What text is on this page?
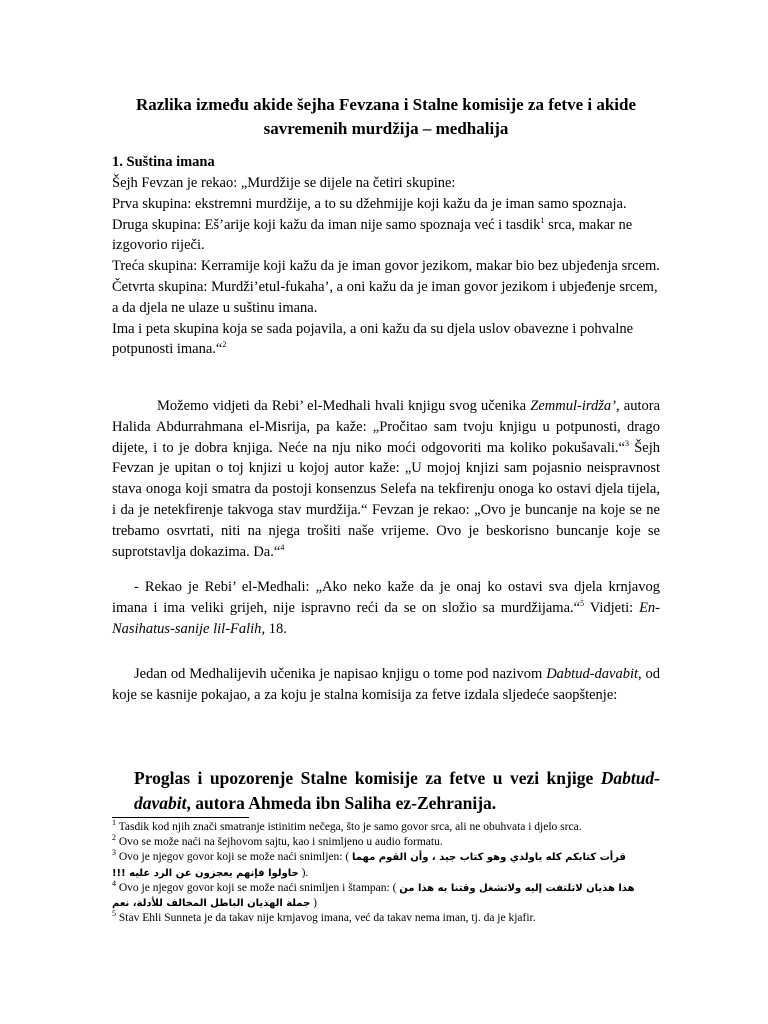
Razlika između akide šejha Fevzana i Stalne komisije za fetve i akide savremenih murdžija – medhalija
1. Suština imana

Šejh Fevzan je rekao: „Murdžije se dijele na četiri skupine:

Prva skupina: ekstremni murdžije, a to su džehmijje koji kažu da je iman samo spoznaja.

Druga skupina: Eš’arije koji kažu da iman nije samo spoznaja već i tasdik$^1$ srca, makar ne izgovorio riječi.

Treća skupina: Kerramije koji kažu da je iman govor jezikom, makar bio bez ubjeđenja srcem.

Četvrta skupina: Murdži’etul-fukaha’, a oni kažu da je iman govor jezikom i ubjeđenje srcem, a da djela ne ulaze u suštinu imana.

Ima i peta skupina koja se sada pojavila, a oni kažu da su djela uslov obavezne i pohvalne potpunosti imana.“$^2$

Možemo vidjeti da Rebi’ el-Medhali hvali knjigu svog učenika Zemmul-irdža’, autora Halida Abdurrahmana el-Misrija, pa kaže: „Pročitao sam tvoju knjigu u potpunosti, drago dijete, i to je dobra knjiga. Neće na nju niko moći odgovoriti ma koliko pokušavali.“$^3$ Šejh Fevzan je upitan o toj knjizi u kojoj autor kaže: „U mojoj knjizi sam pojasnio neispravnost stava onoga koji smatra da postoji konsenzus Selefa na tekfirenju onoga ko ostavi djela tijela, i da je netekfirenje takvoga stav murdžija.“ Fevzan je rekao: „Ovo je buncanje na koje se ne trebamo osvrtati, niti na njega trošiti naše vrijeme. Ovo je beskorisno buncanje koje se suprotstavlja dokazima. Da.“$^4$
- Rekao je Rebi’ el-Medhali: „Ako neko kaže da je onaj ko ostavi sva djela krnjavog imana i ima veliki grijeh, nije ispravno reći da se on složio sa murdžijama.“$^5$ Vidjeti: En-Nasihatus-sanije lil-Falih, 18.
Jedan od Medhalijevih učenika je napisao knjigu o tome pod nazivom Dabtud-davabit, od koje se kasnije pokajao, a za koju je stalna komisija za fetve izdala sljedeće saopštenje:
Proglas i upozorenje Stalne komisije za fetve u vezi knjige Dabtud-davabit, autora Ahmeda ibn Saliha ez-Zehranija.

$^1$ Tasdik kod njih znači smatranje istinitim nečega, što je samo govor srca, ali ne obuhvata i djelo srca.

$^2$ Ovo se može naći na šejhovom sajtu, kao i snimljeno u audio formatu.

$^3$ Ovo je njegov govor koji se može naći snimljen: ( قرأت كتابكم كله ياولدي وهو كتاب جيد ، وأن القوم مهما حاولوا فإنهم يعجزون عن الرد عليه !!! ).

$^4$ Ovo je njegov govor koji se može naći snimljen i štampan: ( هذا هذيان لاتلتفت إليه ولاتشغل وقتنا به هذا من جملة الهذيان الباطل المخالف للأدلة، نعم )

$^5$ Stav Ehli Sunneta je da takav nije krnjavog imana, već da takav nema iman, tj. da je kjafir.
